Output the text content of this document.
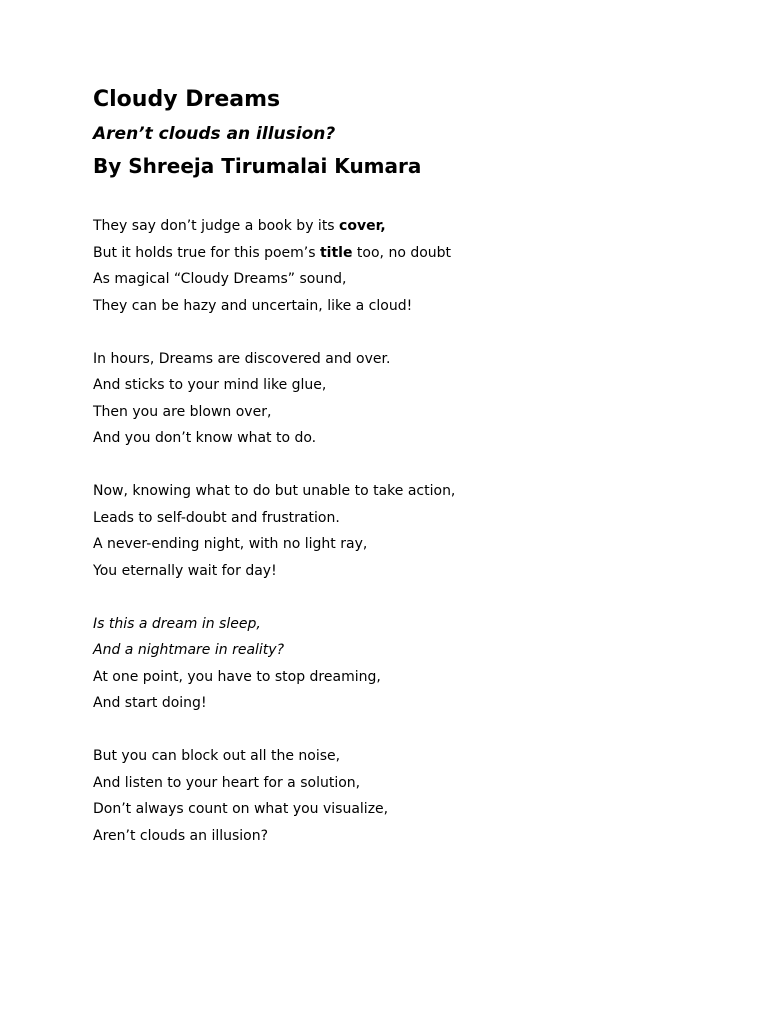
Cloudy Dreams
Aren’t clouds an illusion?
By Shreeja Tirumalai Kumara
They say don’t judge a book by its cover,
But it holds true for this poem’s title too, no doubt
As magical “Cloudy Dreams” sound,
They can be hazy and uncertain, like a cloud!
In hours, Dreams are discovered and over.
And sticks to your mind like glue,
Then you are blown over,
And you don’t know what to do.
Now, knowing what to do but unable to take action,
Leads to self-doubt and frustration.
A never-ending night, with no light ray,
You eternally wait for day!
Is this a dream in sleep,
And a nightmare in reality?
At one point, you have to stop dreaming,
And start doing!
But you can block out all the noise,
And listen to your heart for a solution,
Don’t always count on what you visualize,
Aren’t clouds an illusion?
